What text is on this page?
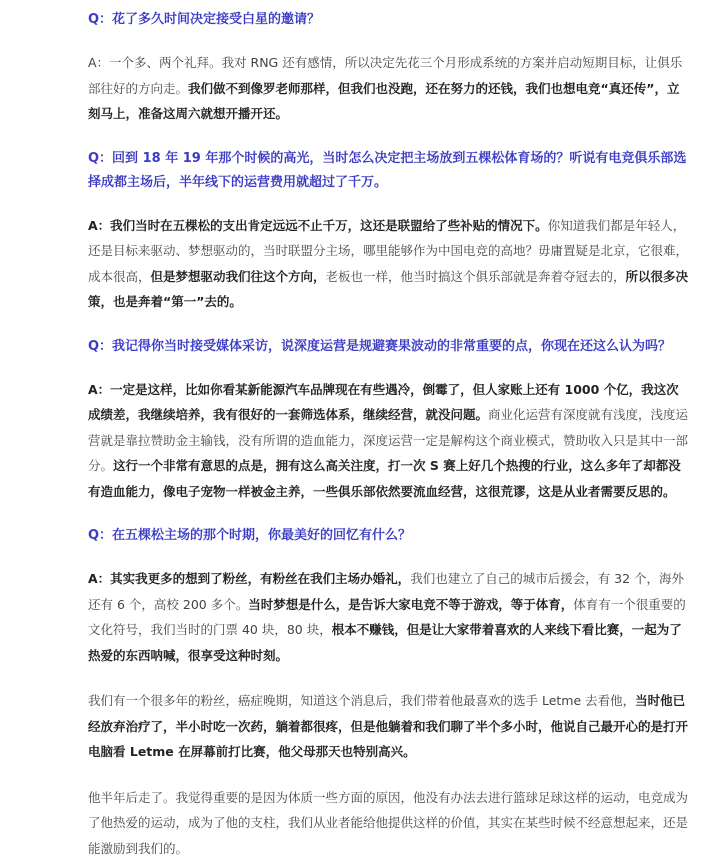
Q：花了多久时间决定接受白星的邀请？

A：一个多、两个礼拜。我对 RNG 还有感情，所以决定先花三个月形成系统的方案并启动短期目标，让俱乐部往好的方向走。我们做不到像罗老师那样，但我们也没跑，还在努力的还钱，我们也想电竞“真还传”，立刻马上，准备这周六就想开播开还。

Q：回到 18 年 19 年那个时候的高光，当时怎么决定把主场放到五棵松体育场的？听说有电竞俱乐部选择成都主场后，半年线下的运营费用就超过了千万。

A：我们当时在五棵松的支出肯定远远不止千万，这还是联盟给了些补贴的情况下。你知道我们都是年轻人，还是目标来驱动、梦想驱动的，当时联盟分主场，哪里能够作为中国电竞的高地？毋庸置疑是北京，它很难，成本很高，但是梦想驱动我们往这个方向，老板也一样，他当时搞这个俱乐部就是奔着夺冠去的，所以很多决策，也是奔着“第一”去的。

Q：我记得你当时接受媒体采访，说深度运营是规避赛果波动的非常重要的点，你现在还这么认为吗？

A：一定是这样，比如你看某新能源汽车品牌现在有些遇冷，倒霉了，但人家账上还有 1000 个亿，我这次成绩差，我继续培养，我有很好的一套筛选体系，继续经营，就没问题。商业化运营有深度就有浅度，浅度运营就是靠拉赞助金主输钱，没有所谓的造血能力，深度运营一定是解构这个商业模式，赞助收入只是其中一部分。这行一个非常有意思的点是，拥有这么高关注度，打一次 S 赛上好几个热搜的行业，这么多年了却都没有造血能力，像电子宠物一样被金主养，一些俱乐部依然要流血经营，这很荒谬，这是从业者需要反思的。

Q：在五棵松主场的那个时期，你最美好的回忆有什么？

A：其实我更多的想到了粉丝，有粉丝在我们主场办婚礼，我们也建立了自己的城市后援会，有 32 个，海外还有 6 个，高校 200 多个。当时梦想是什么，是告诉大家电竞不等于游戏，等于体育，体育有一个很重要的文化符号，我们当时的门票 40 块，80 块，根本不赚钱，但是让大家带着喜欢的人来线下看比赛，一起为了热爱的东西呐喊，很享受这种时刻。

我们有一个很多年的粉丝，癌症晚期，知道这个消息后，我们带着他最喜欢的选手 Letme 去看他，当时他已经放弃治疗了，半小时吃一次药，躺着都很疼，但是他躺着和我们聊了半个多小时，他说自己最开心的是打开电脑看 Letme 在屏幕前打比赛，他父母那天也特别高兴。

他半年后走了。我觉得重要的是因为体质一些方面的原因，他没有办法去进行篮球足球这样的运动，电竞成为了他热爱的运动，成为了他的支柱，我们从业者能给他提供这样的价值，其实在某些时候不经意想起来，还是能激励到我们的。
